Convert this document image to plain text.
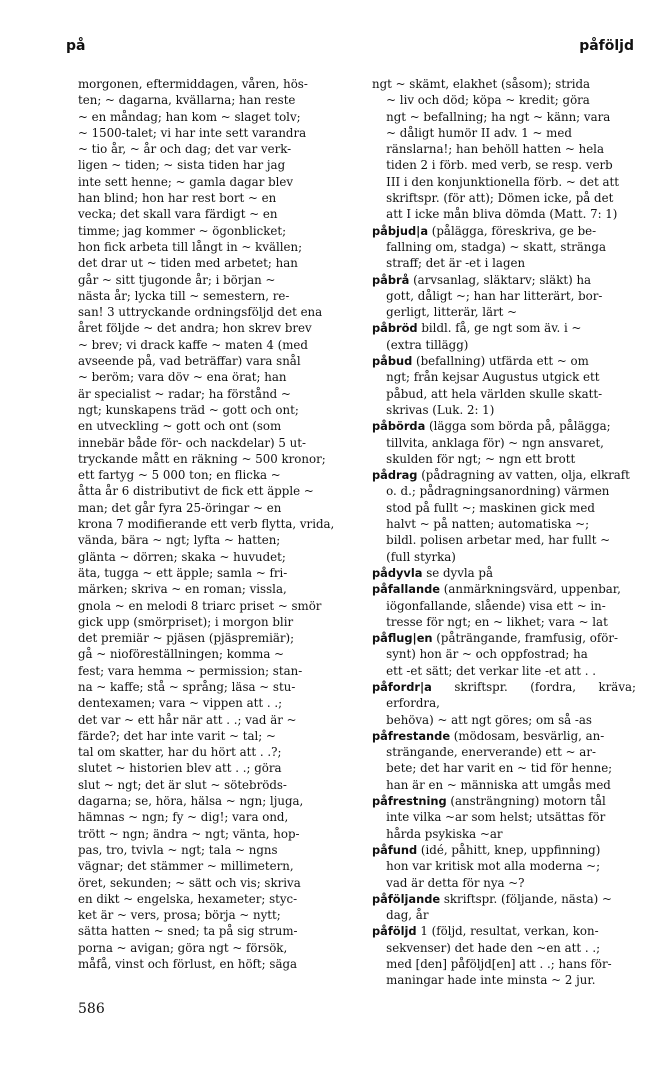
på	påföljd

morgonen, eftermiddagen, våren, hös-
ten; ~ dagarna, kvällarna; han reste
~ en måndag; han kom ~ slaget tolv;
~ 1500-talet; vi har inte sett varandra
~ tio år, ~ år och dag; det var verk-
ligen ~ tiden; ~ sista tiden har jag
inte sett henne; ~ gamla dagar blev
han blind; hon har rest bort ~ en
vecka; det skall vara färdigt ~ en
timme; jag kommer ~ ögonblicket;
hon fick arbeta till långt in ~ kvällen;
det drar ut ~ tiden med arbetet; han
går ~ sitt tjugonde år; i början ~
nästa år; lycka till ~ semestern, re-
san! 3 uttryckande ordningsföljd det ena
året följde ~ det andra; hon skrev brev
~ brev; vi drack kaffe ~ maten 4 (med
avseende på, vad beträffar) vara snål
~ beröm; vara döv ~ ena örat; han
är specialist ~ radar; ha förstånd ~
ngt; kunskapens träd ~ gott och ont;
en utveckling ~ gott och ont (som
innebär både för- och nackdelar) 5 ut-
tryckande mått en räkning ~ 500 kronor;
ett fartyg ~ 5 000 ton; en flicka ~
åtta år 6 distributivt de fick ett äpple ~
man; det går fyra 25-öringar ~ en
krona 7 modifierande ett verb flytta, vrida,
vända, bära ~ ngt; lyfta ~ hatten;
glänta ~ dörren; skaka ~ huvudet;
äta, tugga ~ ett äpple; samla ~ fri-
märken; skriva ~ en roman; vissla,
gnola ~ en melodi 8 triarc priset ~ smör
gick upp (smörpriset); i morgon blir
det premiär ~ pjäsen (pjäspremiär);
gå ~ nioföreställningen; komma ~
fest; vara hemma ~ permission; stan-
na ~ kaffe; stå ~ språng; läsa ~ stu-
dentexamen; vara ~ vippen att . .;
det var ~ ett hår när att . .; vad är ~
färde?; det har inte varit ~ tal; ~
tal om skatter, har du hört att . .?;
slutet ~ historien blev att . .; göra
slut ~ ngt; det är slut ~ sötebröds-
dagarna; se, höra, hälsa ~ ngn; ljuga,
hämnas ~ ngn; fy ~ dig!; vara ond,
trött ~ ngn; ändra ~ ngt; vänta, hop-
pas, tro, tvivla ~ ngt; tala ~ ngns
vägnar; det stämmer ~ millimetern,
öret, sekunden; ~ sätt och vis; skriva
en dikt ~ engelska, hexameter; styc-
ket är ~ vers, prosa; börja ~ nytt;
sätta hatten ~ sned; ta på sig strum-
porna ~ avigan; göra ngt ~ försök,
måfå, vinst och förlust, en höft; säga

ngt ~ skämt, elakhet (såsom); strida
~ liv och död; köpa ~ kredit; göra
ngt ~ befallning; ha ngt ~ känn; vara
~ dåligt humör II adv. 1 ~ med
ränslarna!; han behöll hatten ~ hela
tiden 2 i förb. med verb, se resp. verb
III i den konjunktionella förb. ~ det att
skriftspr. (för att); Dömen icke, på det
att I icke mån bliva dömda (Matt. 7: 1)

påbjud|a (pålägga, föreskriva, ge be-
fallning om, stadga) ~ skatt, stränga
straff; det är -et i lagen

påbrå (arvsanlag, släktarv; släkt) ha
gott, dåligt ~; han har litterärt, bor-
gerligt, litterär, lärt ~

påbröd bildl. få, ge ngt som äv. i ~
(extra tillägg)

påbud (befallning) utfärda ett ~ om
ngt; från kejsar Augustus utgick ett
påbud, att hela världen skulle skatt-
skrivas (Luk. 2: 1)

påbörda (lägga som börda på, pålägga;
tillvita, anklaga för) ~ ngn ansvaret,
skulden för ngt; ~ ngn ett brott

pådrag (pådragning av vatten, olja, elkraft
o. d.; pådragningsanordning) värmen
stod på fullt ~; maskinen gick med
halvt ~ på natten; automatiska ~;
bildl. polisen arbetar med, har fullt ~
(full styrka)

pådyvla se dyvla på

påfallande (anmärkningsvärd, uppenbar,
iögonfallande, slående) visa ett ~ in-
tresse för ngt; en ~ likhet; vara ~ lat

påflug|en (påträngande, framfusig, oför-
synt) hon är ~ och oppfostrad; ha
ett -et sätt; det verkar lite -et att . .

påfordr|a skriftspr. (fordra, kräva; erfordra,
behöva) ~ att ngt göres; om så -as

påfrestande (mödosam, besvärlig, an-
strängande, enerverande) ett ~ ar-
bete; det har varit en ~ tid för henne;
han är en ~ människa att umgås med

påfrestning (ansträngning) motorn tål
inte vilka ~ar som helst; utsättas för
hårda psykiska ~ar

påfund (idé, påhitt, knep, uppfinning)
hon var kritisk mot alla moderna ~;
vad är detta för nya ~?

påföljande skriftspr. (följande, nästa) ~
dag, år

påföljd 1 (följd, resultat, verkan, kon-
sekvenser) det hade den ~en att . .;
med [den] påföljd[en] att . .; hans för-
maningar hade inte minsta ~ 2 jur.

586
